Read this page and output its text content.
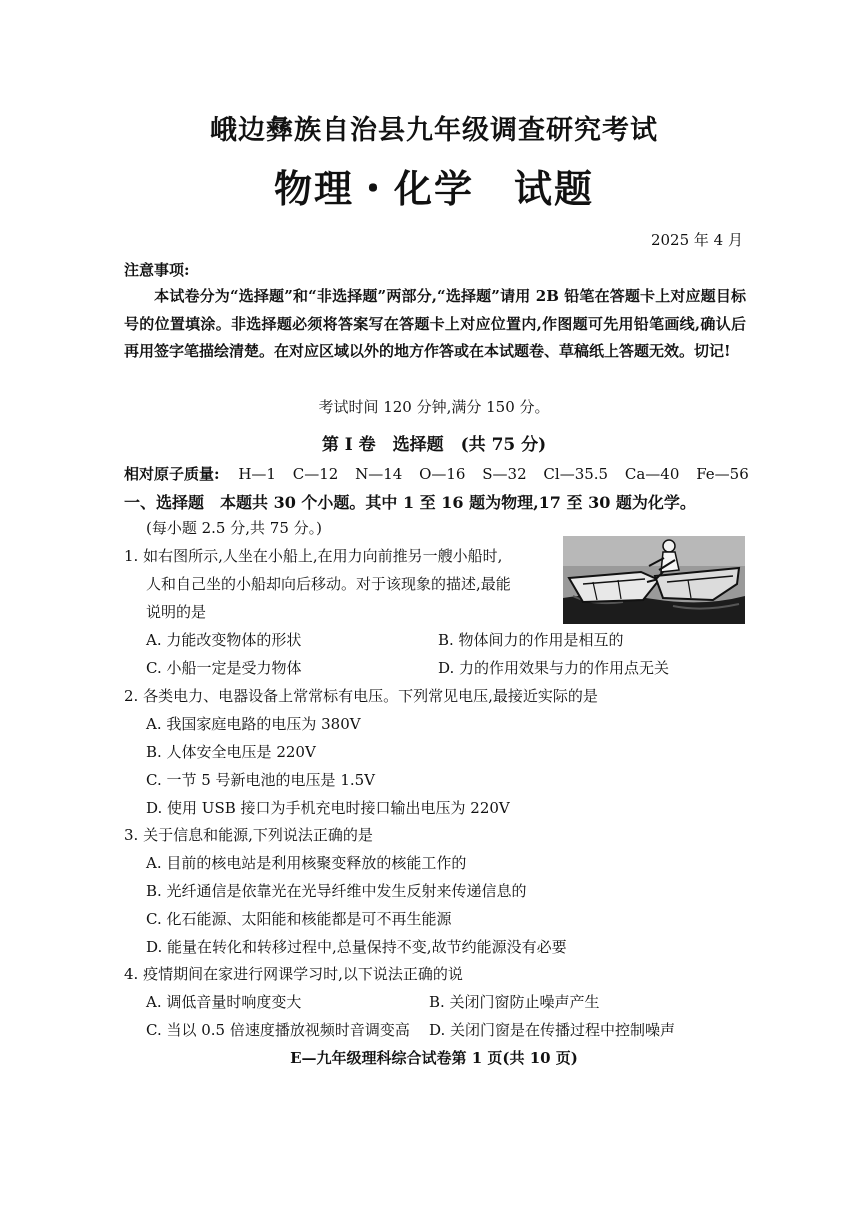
峨边彝族自治县九年级调查研究考试
物理・化学　试题
2025 年 4 月
注意事项:
本试卷分为“选择题”和“非选择题”两部分,“选择题”请用 2B 铅笔在答题卡上对应题目标号的位置填涂。非选择题必须将答案写在答题卡上对应位置内,作图题可先用铅笔画线,确认后再用签字笔描绘清楚。在对应区域以外的地方作答或在本试题卷、草稿纸上答题无效。切记!
考试时间 120 分钟,满分 150 分。
第 I 卷　选择题　(共 75 分)
相对原子质量: H—1 C—12 N—14 O—16 S—32 Cl—35.5 Ca—40 Fe—56
一、选择题　本题共 30 个小题。其中 1 至 16 题为物理,17 至 30 题为化学。
(每小题 2.5 分,共 75 分。)
1. 如右图所示,人坐在小船上,在用力向前推另一艘小船时,
人和自己坐的小船却向后移动。对于该现象的描述,最能
说明的是
A. 力能改变物体的形状	B. 物体间力的作用是相互的
C. 小船一定是受力物体	D. 力的作用效果与力的作用点无关
2. 各类电力、电器设备上常常标有电压。下列常见电压,最接近实际的是
A. 我国家庭电路的电压为 380V
B. 人体安全电压是 220V
C. 一节 5 号新电池的电压是 1.5V
D. 使用 USB 接口为手机充电时接口输出电压为 220V
3. 关于信息和能源,下列说法正确的是
A. 目前的核电站是利用核聚变释放的核能工作的
B. 光纤通信是依靠光在光导纤维中发生反射来传递信息的
C. 化石能源、太阳能和核能都是可不再生能源
D. 能量在转化和转移过程中,总量保持不变,故节约能源没有必要
4. 疫情期间在家进行网课学习时,以下说法正确的说
A. 调低音量时响度变大	B. 关闭门窗防止噪声产生
C. 当以 0.5 倍速度播放视频时音调变高 D. 关闭门窗是在传播过程中控制噪声
E—九年级理科综合试卷第 1 页(共 10 页)
